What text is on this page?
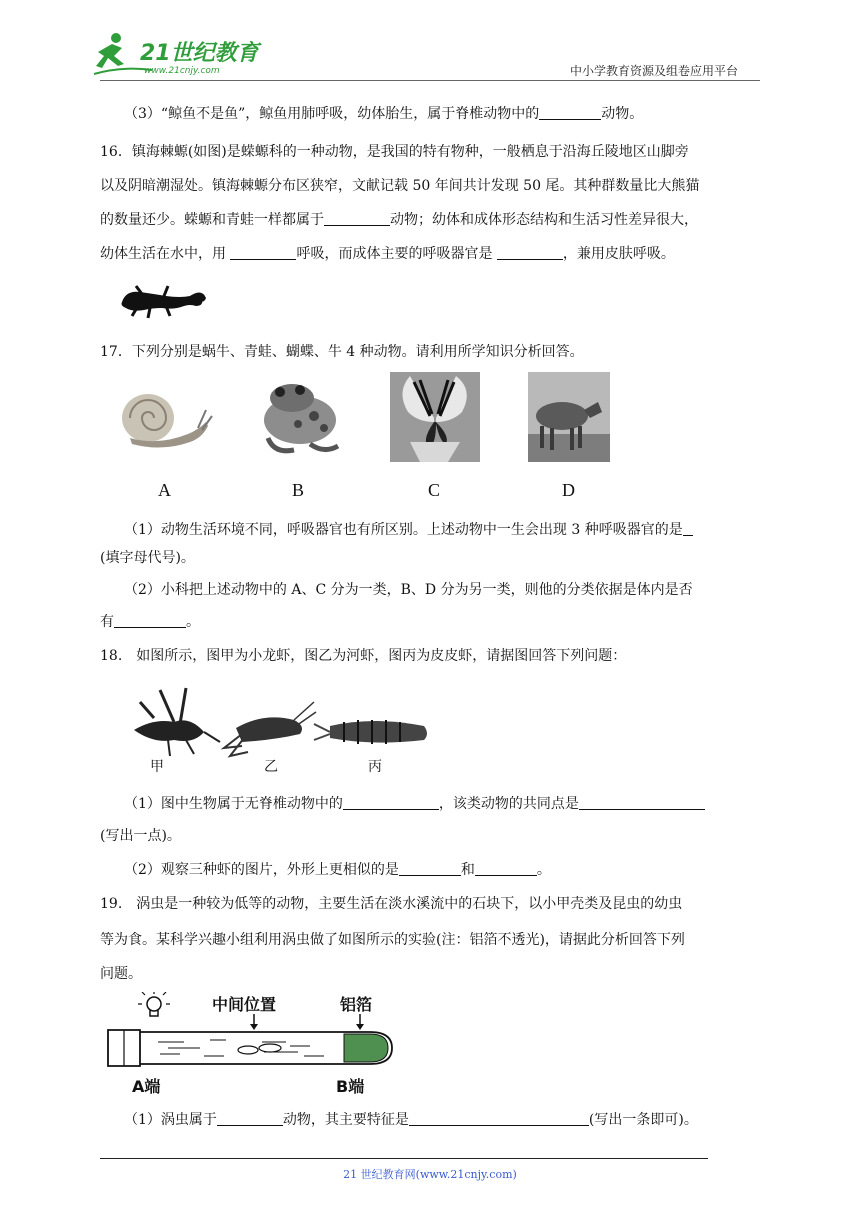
21世纪教育
www.21cnjy.com	中小学教育资源及组卷应用平台
（3）“鲸鱼不是鱼”，鲸鱼用肺呼吸，幼体胎生，属于脊椎动物中的	动物。
16．镇海棘螈(如图)是蝾螈科的一种动物，是我国的特有物种，一般栖息于沿海丘陵地区山脚旁
以及阴暗潮湿处。镇海棘螈分布区狭窄，文献记载 50 年间共计发现 50 尾。其种群数量比大熊猫
的数量还少。蝾螈和青蛙一样都属于	动物；幼体和成体形态结构和生活习性差异很大，
幼体生活在水中，用	呼吸，而成体主要的呼吸器官是	，兼用皮肤呼吸。
17．下列分别是蜗牛、青蛙、蝴蝶、牛 4 种动物。请利用所学知识分析回答。
A	B	C	D
（1）动物生活环境不同，呼吸器官也有所区别。上述动物中一生会出现 3 种呼吸器官的是
(填字母代号)。
（2）小科把上述动物中的 A、C 分为一类，B、D 分为另一类，则他的分类依据是体内是否
有	。
18.　如图所示，图甲为小龙虾，图乙为河虾，图丙为皮皮虾，请据图回答下列问题：
甲	乙	丙
（1）图中生物属于无脊椎动物中的	，该类动物的共同点是
(写出一点)。
（2）观察三种虾的图片，外形上更相似的是	和	。
19.　涡虫是一种较为低等的动物，主要生活在淡水溪流中的石块下，以小甲壳类及昆虫的幼虫
等为食。某科学兴趣小组利用涡虫做了如图所示的实验(注：铝箔不透光)，请据此分析回答下列
问题。
中间位置	铝箔
A端	B端
（1）涡虫属于	动物，其主要特征是	(写出一条即可)。
21 世纪教育网(www.21cnjy.com)
